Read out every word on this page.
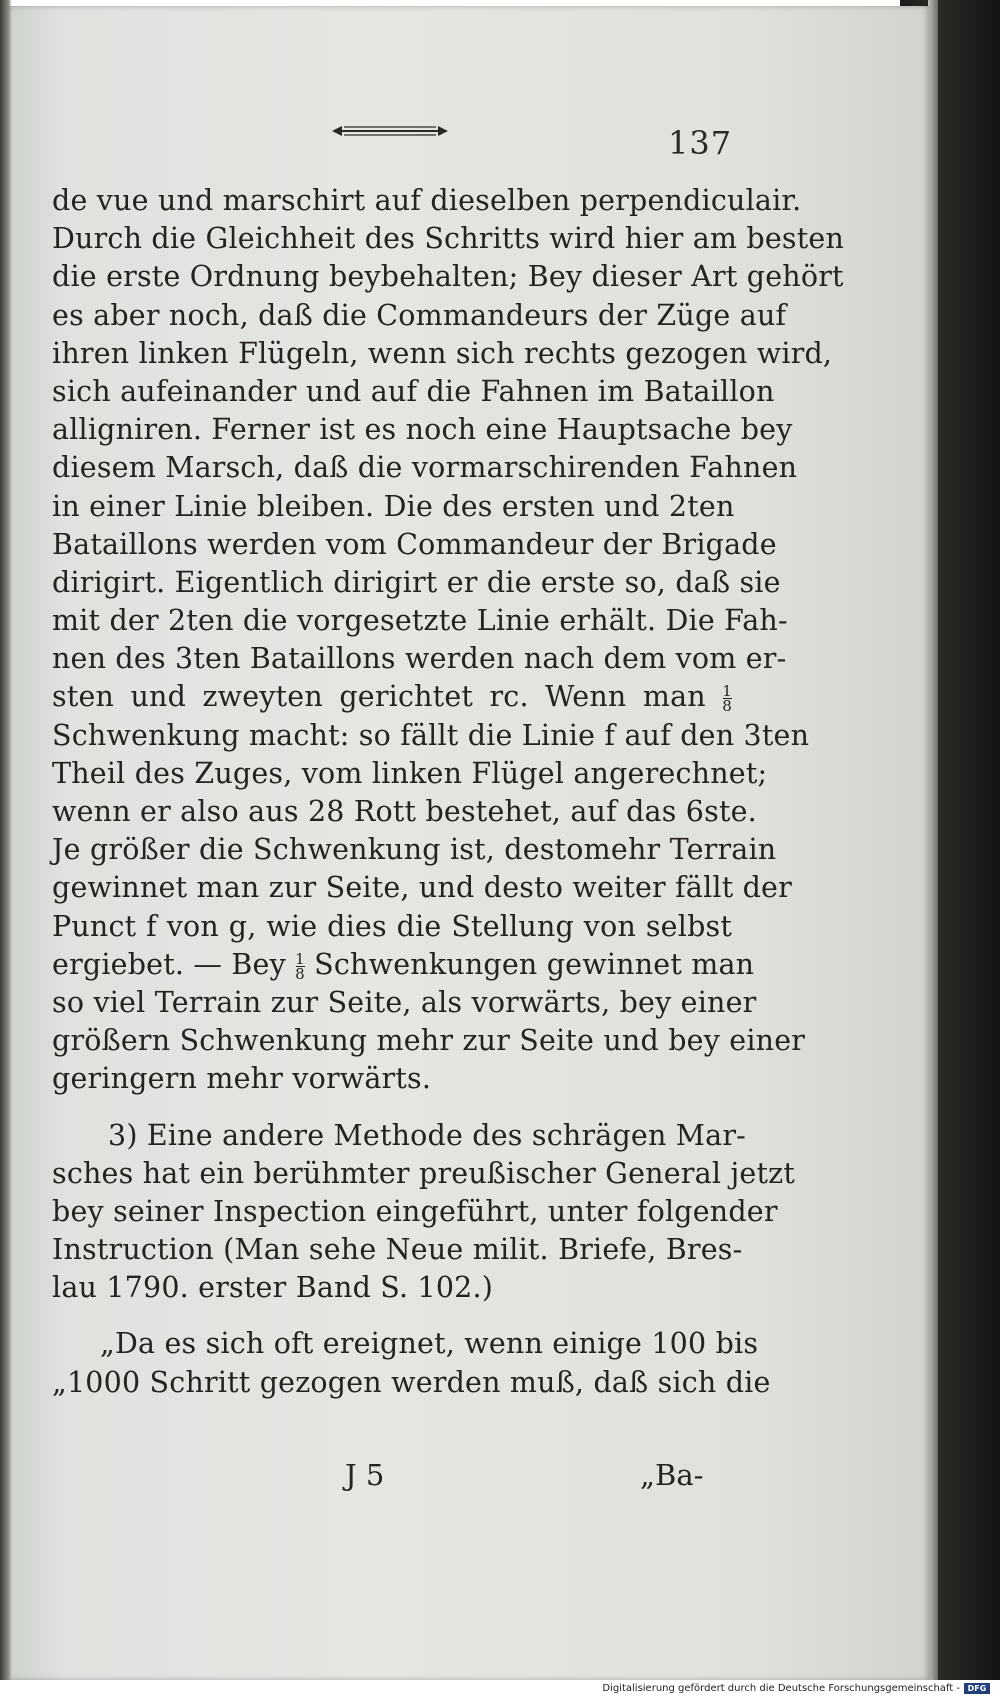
137
de vue und marschirt auf dieselben perpendiculair.
Durch die Gleichheit des Schritts wird hier am besten
die erste Ordnung beybehalten; Bey dieser Art gehört
es aber noch, daß die Commandeurs der Züge auf
ihren linken Flügeln, wenn sich rechts gezogen wird,
sich aufeinander und auf die Fahnen im Bataillon
alligniren. Ferner ist es noch eine Hauptsache bey
diesem Marsch, daß die vormarschirenden Fahnen
in einer Linie bleiben. Die des ersten und 2ten
Bataillons werden vom Commandeur der Brigade
dirigirt. Eigentlich dirigirt er die erste so, daß sie
mit der 2ten die vorgesetzte Linie erhält. Die Fah‐
nen des 3ten Bataillons werden nach dem vom er‐
sten und zweyten gerichtet rc. Wenn man $\frac{1}{8}$
Schwenkung macht: so fällt die Linie f auf den 3ten
Theil des Zuges, vom linken Flügel angerechnet;
wenn er also aus 28 Rott bestehet, auf das 6ste.
Je größer die Schwenkung ist, destomehr Terrain
gewinnet man zur Seite, und desto weiter fällt der
Punct f von g, wie dies die Stellung von selbst
ergiebet. — Bey $\frac{1}{8}$ Schwenkungen gewinnet man
so viel Terrain zur Seite, als vorwärts, bey einer
größern Schwenkung mehr zur Seite und bey einer
geringern mehr vorwärts.
3) Eine andere Methode des schrägen Mar‐
sches hat ein berühmter preußischer General jetzt
bey seiner Inspection eingeführt, unter folgender
Instruction (Man sehe Neue milit. Briefe, Bres‐
lau 1790. erster Band S. 102.)
„Da es sich oft ereignet, wenn einige 100 bis
„1000 Schritt gezogen werden muß, daß sich die
J 5	„Ba‐
Digitalisierung gefördert durch die Deutsche Forschungsgemeinschaft - DFG
